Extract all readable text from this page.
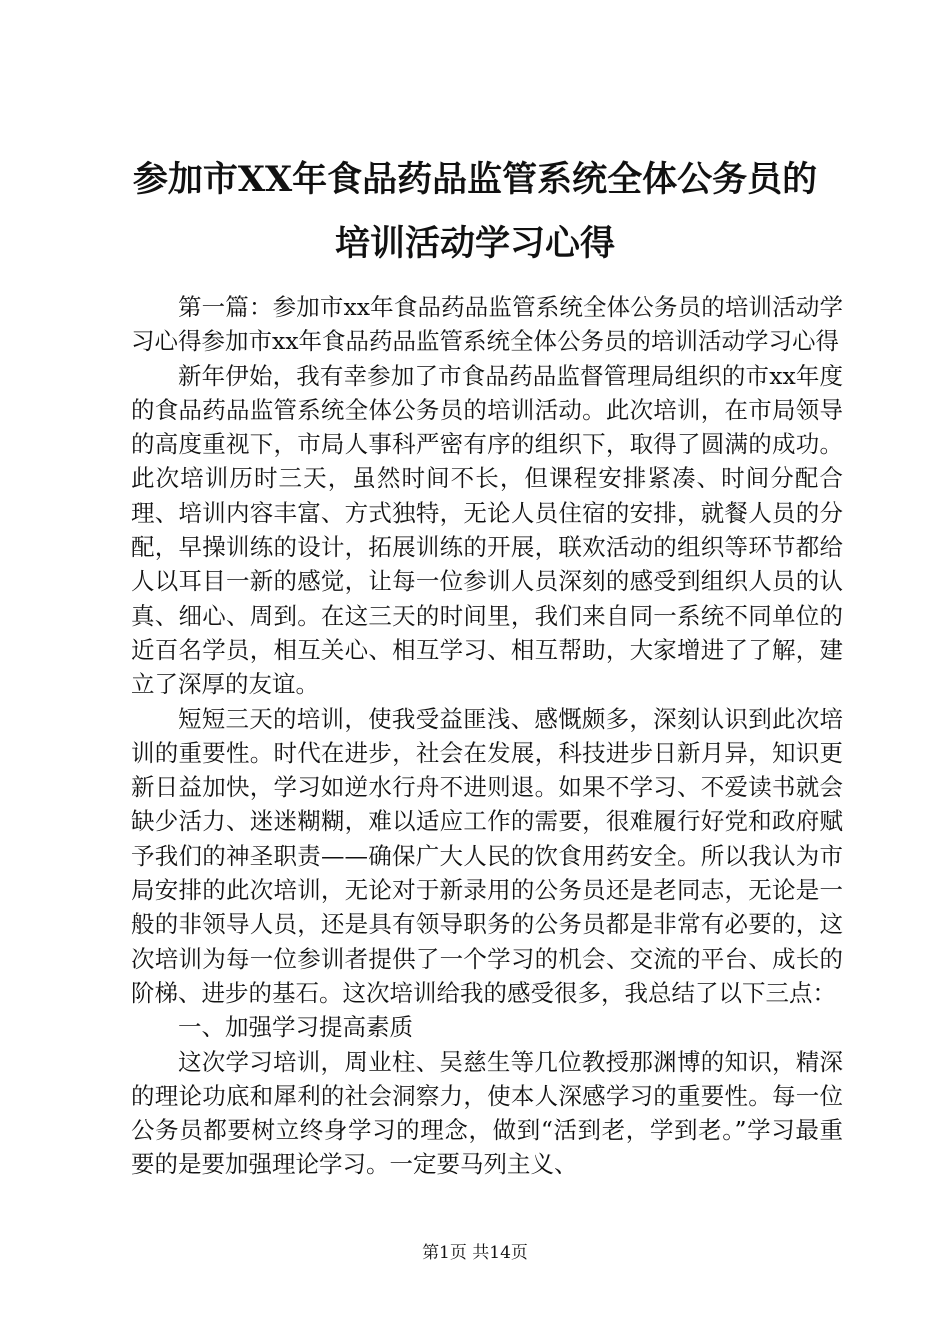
参加市XX年食品药品监管系统全体公务员的
培训活动学习心得

第一篇：参加市xx年食品药品监管系统全体公务员的培训活动学习心得参加市xx年食品药品监管系统全体公务员的培训活动学习心得

新年伊始，我有幸参加了市食品药品监督管理局组织的市xx年度的食品药品监管系统全体公务员的培训活动。此次培训，在市局领导的高度重视下，市局人事科严密有序的组织下，取得了圆满的成功。此次培训历时三天，虽然时间不长，但课程安排紧凑、时间分配合理、培训内容丰富、方式独特，无论人员住宿的安排，就餐人员的分配，早操训练的设计，拓展训练的开展，联欢活动的组织等环节都给人以耳目一新的感觉，让每一位参训人员深刻的感受到组织人员的认真、细心、周到。在这三天的时间里，我们来自同一系统不同单位的近百名学员，相互关心、相互学习、相互帮助，大家增进了了解，建立了深厚的友谊。

短短三天的培训，使我受益匪浅、感慨颇多，深刻认识到此次培训的重要性。时代在进步，社会在发展，科技进步日新月异，知识更新日益加快，学习如逆水行舟不进则退。如果不学习、不爱读书就会缺少活力、迷迷糊糊，难以适应工作的需要，很难履行好党和政府赋予我们的神圣职责——确保广大人民的饮食用药安全。所以我认为市局安排的此次培训，无论对于新录用的公务员还是老同志，无论是一般的非领导人员，还是具有领导职务的公务员都是非常有必要的，这次培训为每一位参训者提供了一个学习的机会、交流的平台、成长的阶梯、进步的基石。这次培训给我的感受很多，我总结了以下三点：

一、加强学习提高素质

这次学习培训，周业柱、吴慈生等几位教授那渊博的知识，精深的理论功底和犀利的社会洞察力，使本人深感学习的重要性。每一位公务员都要树立终身学习的理念，做到“活到老，学到老。”学习最重要的是要加强理论学习。一定要马列主义、

第1页 共14页
